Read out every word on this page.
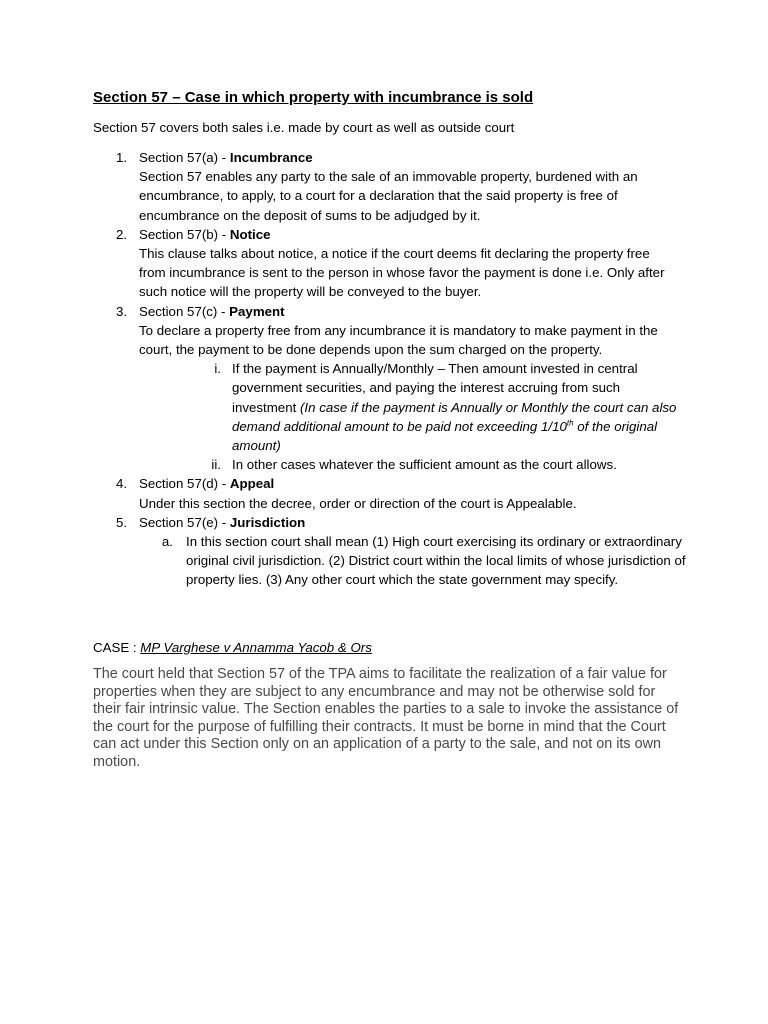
Section 57 – Case in which property with incumbrance is sold
Section 57 covers both sales i.e. made by court as well as outside court
1. Section 57(a) - Incumbrance
Section 57 enables any party to the sale of an immovable property, burdened with an encumbrance, to apply, to a court for a declaration that the said property is free of encumbrance on the deposit of sums to be adjudged by it.
2. Section 57(b) - Notice
This clause talks about notice, a notice if the court deems fit declaring the property free from incumbrance is sent to the person in whose favor the payment is done i.e. Only after such notice will the property will be conveyed to the buyer.
3. Section 57(c) - Payment
To declare a property free from any incumbrance it is mandatory to make payment in the court, the payment to be done depends upon the sum charged on the property.
i. If the payment is Annually/Monthly – Then amount invested in central government securities, and paying the interest accruing from such investment (In case if the payment is Annually or Monthly the court can also demand additional amount to be paid not exceeding 1/10th of the original amount)
ii. In other cases whatever the sufficient amount as the court allows.
4. Section 57(d) - Appeal
Under this section the decree, order or direction of the court is Appealable.
5. Section 57(e) - Jurisdiction
a. In this section court shall mean (1) High court exercising its ordinary or extraordinary original civil jurisdiction. (2) District court within the local limits of whose jurisdiction of property lies. (3) Any other court which the state government may specify.
CASE : MP Varghese v Annamma Yacob & Ors
The court held that Section 57 of the TPA aims to facilitate the realization of a fair value for properties when they are subject to any encumbrance and may not be otherwise sold for their fair intrinsic value. The Section enables the parties to a sale to invoke the assistance of the court for the purpose of fulfilling their contracts. It must be borne in mind that the Court can act under this Section only on an application of a party to the sale, and not on its own motion.
